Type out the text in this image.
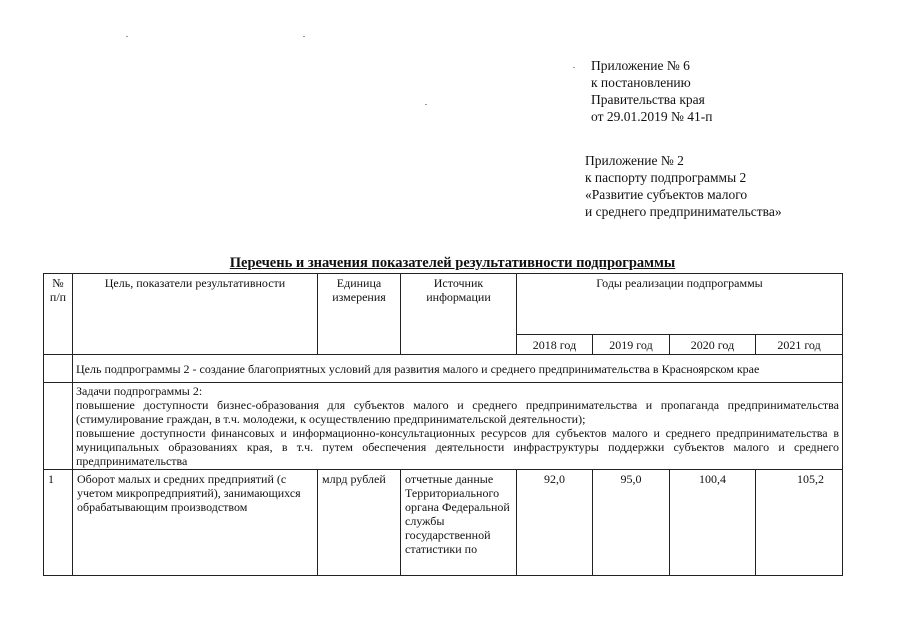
Приложение № 6
к постановлению
Правительства края
от 29.01.2019 № 41-п
Приложение № 2
к паспорту подпрограммы 2
«Развитие субъектов малого
и среднего предпринимательства»
Перечень и значения показателей результативности подпрограммы
№ п/п	Цель, показатели результативности	Единица измерения	Источник информации	Годы реализации подпрограммы			
				2018 год	2019 год	2020 год	2021 год
	Цель подпрограммы 2 - создание благоприятных условий для развития малого и среднего предпринимательства в Красноярском крае						

	Задачи подпрограммы 2:
повышение доступности бизнес-образования для субъектов малого и среднего предпринимательства и пропаганда предпринимательства (стимулирование граждан, в т.ч. молодежи, к осуществлению предпринимательской деятельности);
повышение доступности финансовых и информационно-консультационных ресурсов для субъектов малого и среднего предпринимательства в муниципальных образованиях края, в т.ч. путем обеспечения деятельности инфраструктуры поддержки субъектов малого и среднего предпринимательства						

1	Оборот малых и средних предприятий (с учетом микропредприятий), занимающихся обрабатывающим производством	млрд рублей	отчетные данные Территориального органа Федеральной службы государственной статистики по	92,0	95,0	100,4	105,2
